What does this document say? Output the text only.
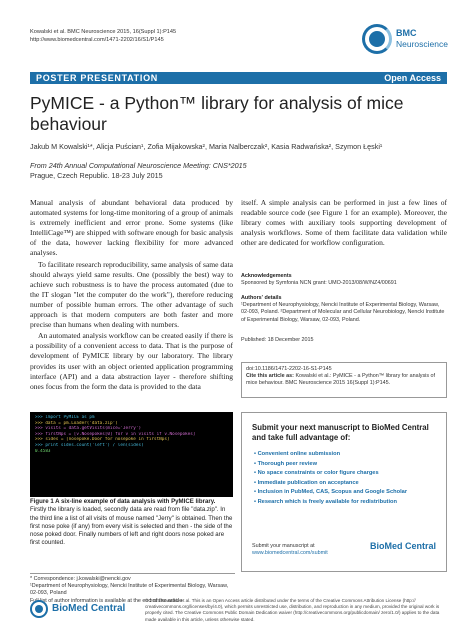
Kowalski et al. BMC Neuroscience 2015, 16(Suppl 1):P145
http://www.biomedcentral.com/1471-2202/16/S1/P145
BMC
Neuroscience
POSTER PRESENTATION	Open Access
PyMICE - a Python™ library for analysis of mice behaviour
Jakub M Kowalski¹*, Alicja Puścian¹, Zofia Mijakowska², Maria Nalberczak², Kasia Radwańska², Szymon Łęski¹
From 24th Annual Computational Neuroscience Meeting: CNS*2015
Prague, Czech Republic. 18-23 July 2015

Manual analysis of abundant behavioral data produced by automated systems for long-time monitoring of a group of animals is extremely inefficient and error prone. Some systems (like IntelliCage™) are shipped with software enough for basic analysis of the data, however lacking flexibility for more advanced analyses.

To facilitate research reproducibility, same analysis of same data should always yield same results. One (possibly the best) way to achieve such robustness is to have the process automated (due to the IT slogan "let the computer do the work"), therefore reducing number of possible human errors. The other advantage of such approach is that modern computers are both faster and more precise than humans when dealing with numbers.

An automated analysis workflow can be created easily if there is a possibility of a convenient access to data. That is the purpose of development of PyMICE library by our laboratory. The library provides its user with an object oriented application programming interface (API) and a data abstraction layer - therefore shifting ones focus from the form the data is provided to the data

itself. A simple analysis can be performed in just a few lines of readable source code (see Figure 1 for an example). Moreover, the library comes with auxiliary tools supporting development of analysis workflows. Some of them facilitate data validation while other are dedicated for workflow configuration.

Acknowledgements
Sponsored by Symfonia NCN grant: UMO-2013/08/W/NZ4/00691
Authors' details
¹Department of Neurophysiology, Nencki Institute of Experimental Biology, Warsaw, 02-093, Poland. ²Department of Molecular and Cellular Neurobiology, Nencki Institute of Experimental Biology, Warsaw, 02-093, Poland.
Published: 18 December 2015
doi:10.1186/1471-2202-16-S1-P145
Cite this article as: Kowalski et al.: PyMICE - a Python™ library for analysis of mice behaviour. BMC Neuroscience 2015 16(Suppl 1):P145.
>>> import PyMICE as pm
>>> data = pm.Loader('data.zip')
>>> visits = data.getVisits(mice='Jerry')
>>> firstNps = [v.Nosepokes[0] for v in visits if v.Nosepokes]
>>> sides = [nosepoke.Door for nosepoke in firstNps]
>>> print sides.count('left') / len(sides)
0.4583
Figure 1 A six-line example of data analysis with PyMICE library. Firstly the library is loaded, secondly data are read from file "data.zip". In the third line a list of all visits of mouse named "Jerry" is obtained. Then the first nose poke (if any) from every visit is selected and then - the side of the nose poked door. Finally numbers of left and right doors nose poked are first counted.
* Correspondence: j.kowalski@nencki.gov
¹Department of Neurophysiology, Nencki Institute of Experimental Biology, Warsaw, 02-093, Poland
Full list of author information is available at the end of the article
Submit your next manuscript to BioMed Central and take full advantage of:
• Convenient online submission
• Thorough peer review
• No space constraints or color figure charges
• Immediate publication on acceptance
• Inclusion in PubMed, CAS, Scopus and Google Scholar
• Research which is freely available for redistribution
Submit your manuscript at
www.biomedcentral.com/submit
BioMed Central
BioMed Central
© 2015 Kowalski et al. This is an Open Access article distributed under the terms of the Creative Commons Attribution License (http:// creativecommons.org/licenses/by/4.0), which permits unrestricted use, distribution, and reproduction in any medium, provided the original work is properly cited. The Creative Commons Public Domain Dedication waiver (http://creativecommons.org/publicdomain/ zero/1.0/) applies to the data made available in this article, unless otherwise stated.
